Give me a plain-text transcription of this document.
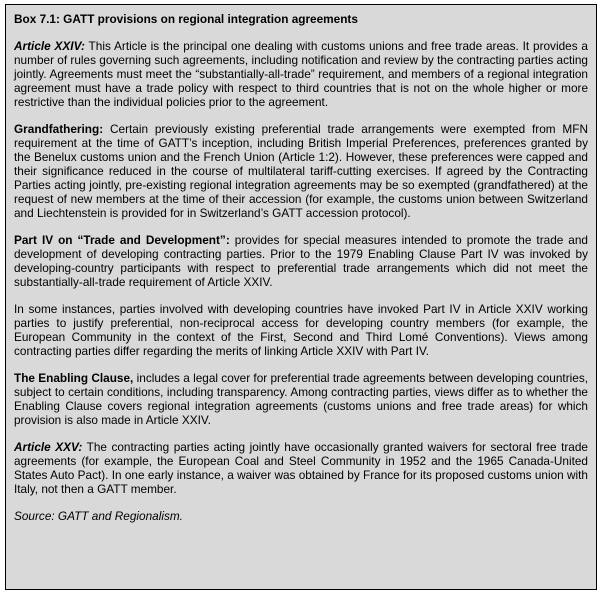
Box 7.1: GATT provisions on regional integration agreements

Article XXIV: This Article is the principal one dealing with customs unions and free trade areas. It provides a number of rules governing such agreements, including notification and review by the contracting parties acting jointly. Agreements must meet the “substantially-all-trade” requirement, and members of a regional integration agreement must have a trade policy with respect to third countries that is not on the whole higher or more restrictive than the individual policies prior to the agreement.

Grandfathering: Certain previously existing preferential trade arrangements were exempted from MFN requirement at the time of GATT’s inception, including British Imperial Preferences, preferences granted by the Benelux customs union and the French Union (Article 1:2). However, these preferences were capped and their significance reduced in the course of multilateral tariff-cutting exercises. If agreed by the Contracting Parties acting jointly, pre-existing regional integration agreements may be so exempted (grandfathered) at the request of new members at the time of their accession (for example, the customs union between Switzerland and Liechtenstein is provided for in Switzerland’s GATT accession protocol).

Part IV on “Trade and Development”: provides for special measures intended to promote the trade and development of developing contracting parties. Prior to the 1979 Enabling Clause Part IV was invoked by developing-country participants with respect to preferential trade arrangements which did not meet the substantially-all-trade requirement of Article XXIV.

In some instances, parties involved with developing countries have invoked Part IV in Article XXIV working parties to justify preferential, non-reciprocal access for developing country members (for example, the European Community in the context of the First, Second and Third Lomé Conventions). Views among contracting parties differ regarding the merits of linking Article XXIV with Part IV.

The Enabling Clause, includes a legal cover for preferential trade agreements between developing countries, subject to certain conditions, including transparency. Among contracting parties, views differ as to whether the Enabling Clause covers regional integration agreements (customs unions and free trade areas) for which provision is also made in Article XXIV.

Article XXV: The contracting parties acting jointly have occasionally granted waivers for sectoral free trade agreements (for example, the European Coal and Steel Community in 1952 and the 1965 Canada-United States Auto Pact). In one early instance, a waiver was obtained by France for its proposed customs union with Italy, not then a GATT member.

Source: GATT and Regionalism.
